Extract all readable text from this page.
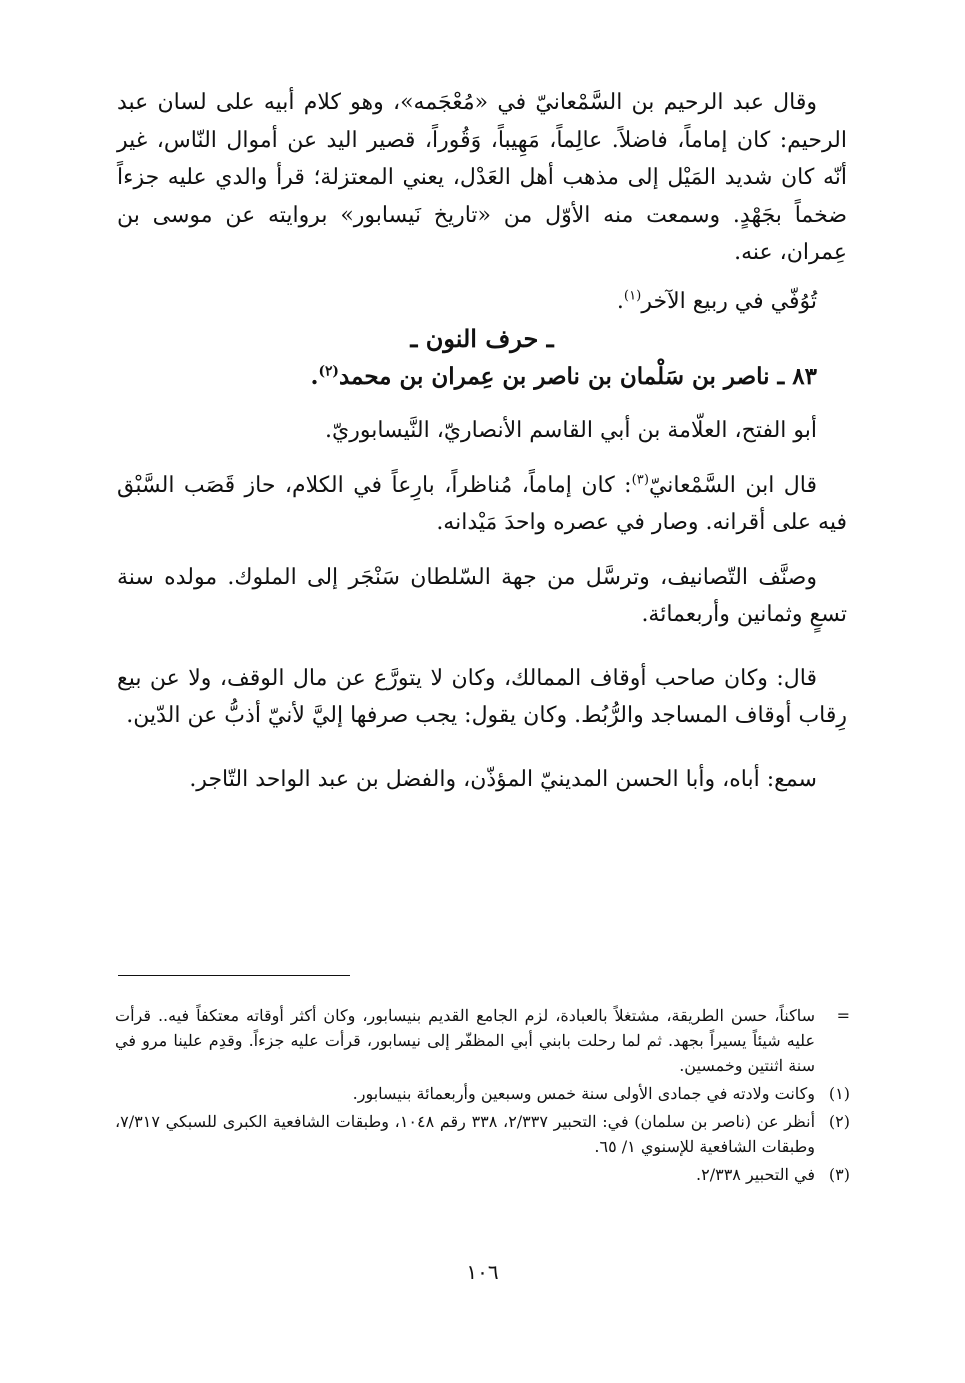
وقال عبد الرحيم بن السَّمْعانيّ في «مُعْجَمه»، وهو كلام أبيه على لسان عبد الرحيم: كان إماماً، فاضلاً. عالِماً، مَهِيباً، وَقُوراً، قصير اليد عن أموال النّاس، غير أنّه كان شديد المَيْل إلى مذهب أهل العَدْل، يعني المعتزلة؛ قرأ والدي عليه جزءاً ضخماً بجَهْدٍ. وسمعت منه الأوّل من «تاريخ نَيسابور» بروايته عن موسى بن عِمران، عنه.

تُوُفّي في ربيع الآخر$^{(١)}$.

ـ حرف النون ـ

٨٣ ـ ناصر بن سَلْمان بن ناصر بن عِمران بن محمد$^{(٢)}$.

أبو الفتح، العلّامة بن أبي القاسم الأنصاريّ، النَّيسابوريّ.

قال ابن السَّمْعانيّ$^{(٣)}$: كان إماماً، مُناظراً، بارِعاً في الكلام، حاز قَصَب السَّبْق فيه على أقرانه. وصار في عصره واحدَ مَيْدانه.

وصنَّف التّصانيف، وترسَّل من جهة السّلطان سَنْجَر إلى الملوك. مولده سنة تسعٍ وثمانين وأربعمائة.

قال: وكان صاحب أوقاف الممالك، وكان لا يتورَّع عن مال الوقف، ولا عن بيع رِقاب أوقاف المساجد والرُّبُط. وكان يقول: يجب صرفها إليَّ لأنيّ أذبُّ عن الدّين.

سمع: أباه، وأبا الحسن المدينيّ المؤذّن، والفضل بن عبد الواحد التّاجر.

=
ساكناً، حسن الطريقة، مشتغلاً بالعبادة، لزم الجامع القديم بنيسابور، وكان أكثر أوقاته معتكفاً فيه.. قرأت عليه شيئاً يسيراً بجهد. ثم لما رحلت بابني أبي المظفّر إلى نيسابور، قرأت عليه جزءاً. وقدِم علينا مرو في سنة اثنتين وخمسين.
(١)
وكانت ولادته في جمادى الأولى سنة خمس وسبعين وأربعمائة بنيسابور.
(٢)
أنظر عن (ناصر بن سلمان) في: التحبير ٢/٣٣٧، ٣٣٨ رقم ١٠٤٨، وطبقات الشافعية الكبرى للسبكي ٧/٣١٧، وطبقات الشافعية للإسنوي ١/ ٦٥.
(٣)
في التحبير ٢/٣٣٨.
١٠٦
